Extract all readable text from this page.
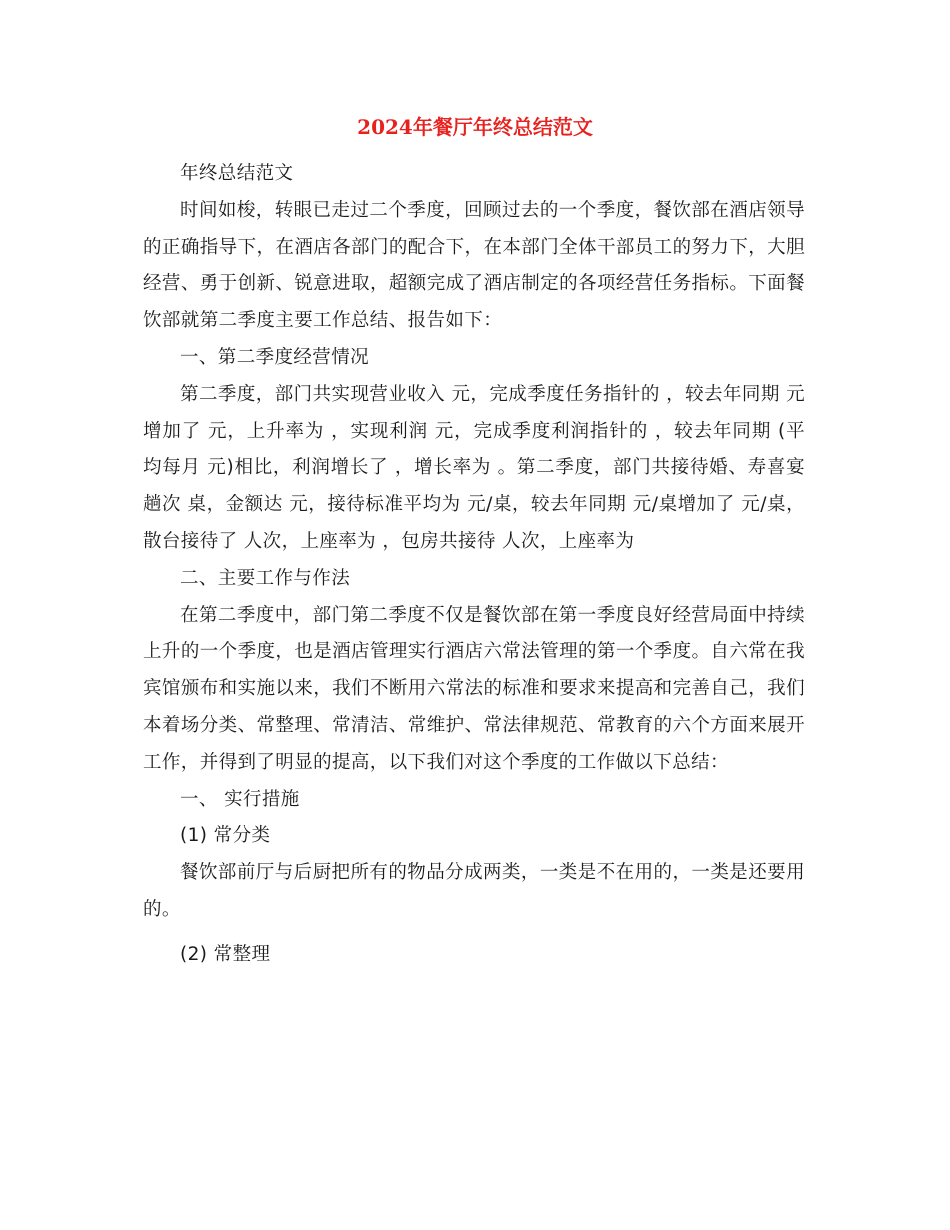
2024年餐厅年终总结范文

年终总结范文

时间如梭，转眼已走过二个季度，回顾过去的一个季度，餐饮部在酒店领导的正确指导下，在酒店各部门的配合下，在本部门全体干部员工的努力下，大胆经营、勇于创新、锐意进取，超额完成了酒店制定的各项经营任务指标。下面餐饮部就第二季度主要工作总结、报告如下：

一、第二季度经营情况

第二季度，部门共实现营业收入 元，完成季度任务指针的 ，较去年同期 元增加了 元，上升率为 ，实现利润 元，完成季度利润指针的 ，较去年同期 (平均每月 元)相比，利润增长了 ，增长率为 。第二季度，部门共接待婚、寿喜宴 趟次 桌，金额达 元，接待标准平均为 元/桌，较去年同期 元/桌增加了 元/桌，散台接待了 人次，上座率为 ，包房共接待 人次，上座率为

二、主要工作与作法

在第二季度中，部门第二季度不仅是餐饮部在第一季度良好经营局面中持续上升的一个季度，也是酒店管理实行酒店六常法管理的第一个季度。自六常在我宾馆颁布和实施以来，我们不断用六常法的标准和要求来提高和完善自己，我们本着场分类、常整理、常清洁、常维护、常法律规范、常教育的六个方面来展开工作，并得到了明显的提高，以下我们对这个季度的工作做以下总结：

一、 实行措施

(1) 常分类

餐饮部前厅与后厨把所有的物品分成两类，一类是不在用的，一类是还要用的。

(2) 常整理
